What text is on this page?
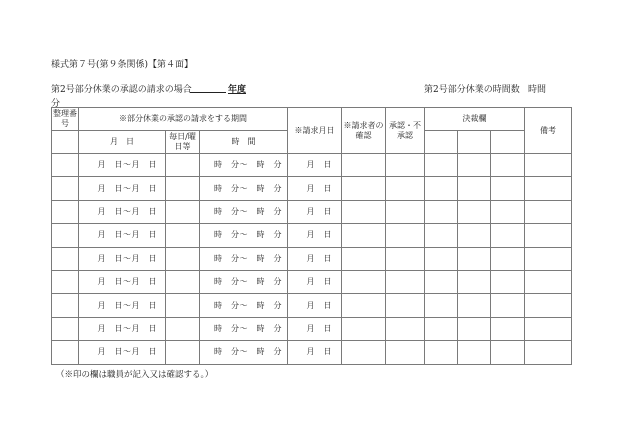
様式第７号(第９条関係)【第４面】
第2号部分休業の承認の請求の場合	年度	第2号部分休業の時間数 時間
分
整理番号	※部分休業の承認の請求をする期間			※請求月日	※請求者の確認	承認・不承認	決裁欄			備考
	月　日	毎日/曜日等	時　間							
	月　日～月　日		時　分～　時　分	月　日						
	月　日～月　日		時　分～　時　分	月　日						
	月　日～月　日		時　分～　時　分	月　日						
	月　日～月　日		時　分～　時　分	月　日						
	月　日～月　日		時　分～　時　分	月　日						
	月　日～月　日		時　分～　時　分	月　日						
	月　日～月　日		時　分～　時　分	月　日						
	月　日～月　日		時　分～　時　分	月　日						
	月　日～月　日		時　分～　時　分	月　日						
（※印の欄は職員が記入又は確認する。）
